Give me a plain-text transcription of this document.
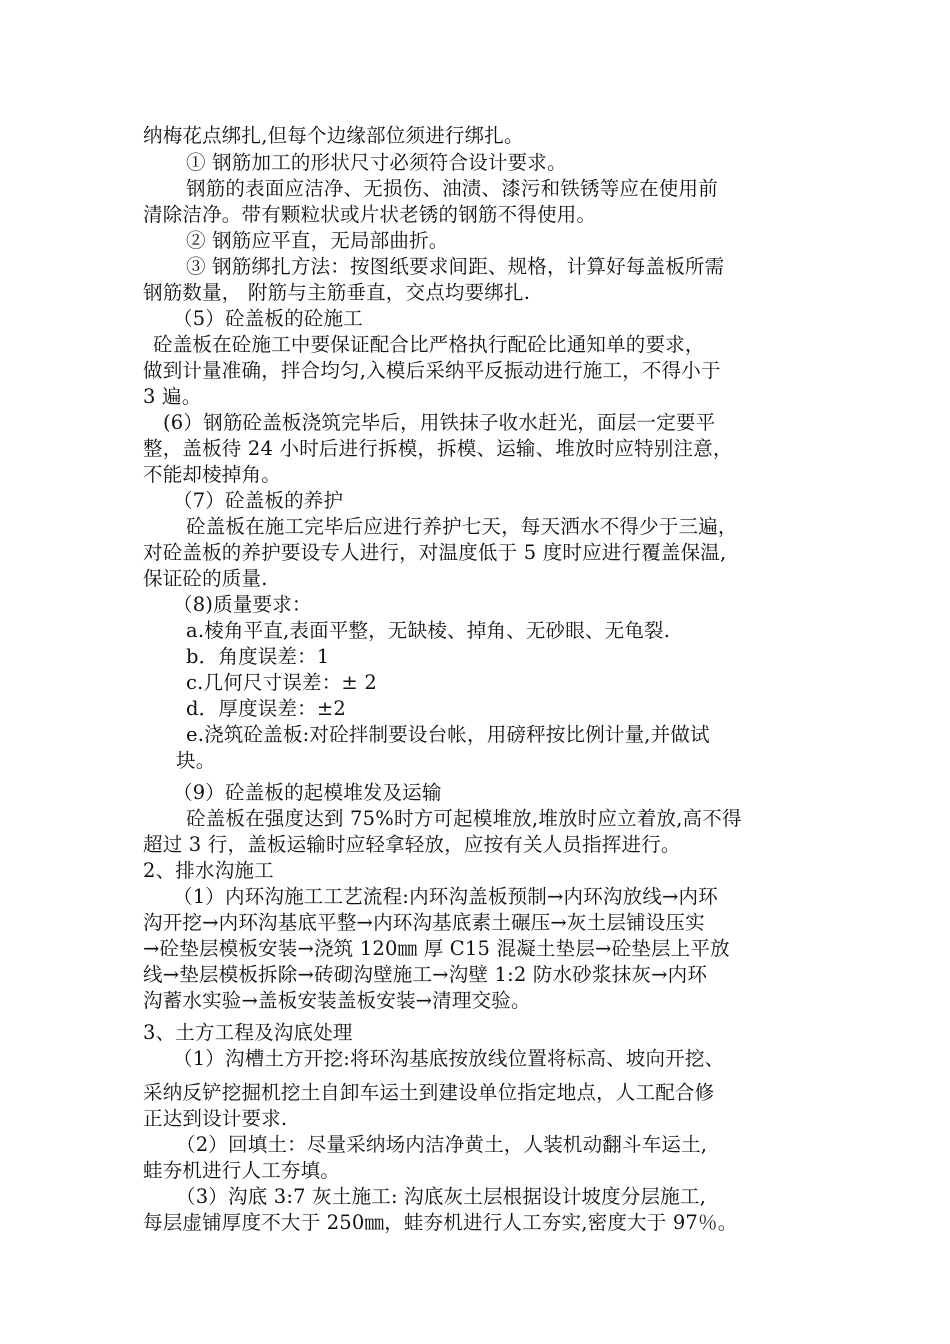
纳梅花点绑扎,但每个边缘部位须进行绑扎。

① 钢筋加工的形状尺寸必须符合设计要求。

钢筋的表面应洁净、无损伤、油渍、漆污和铁锈等应在使用前

清除洁净。带有颗粒状或片状老锈的钢筋不得使用。

② 钢筋应平直，无局部曲折。

③ 钢筋绑扎方法：按图纸要求间距、规格，计算好每盖板所需

钢筋数量， 附筋与主筋垂直，交点均要绑扎.

（5）砼盖板的砼施工

砼盖板在砼施工中要保证配合比严格执行配砼比通知单的要求，

做到计量准确，拌合均匀,入模后采纳平反振动进行施工，不得小于

3 遍。

(6）钢筋砼盖板浇筑完毕后，用铁抹子收水赶光，面层一定要平

整，盖板待 24 小时后进行拆模，拆模、运输、堆放时应特别注意，

不能却棱掉角。

（7）砼盖板的养护

砼盖板在施工完毕后应进行养护七天，每天洒水不得少于三遍，

对砼盖板的养护要设专人进行，对温度低于 5 度时应进行覆盖保温,

保证砼的质量.

（8)质量要求：

a.棱角平直,表面平整，无缺棱、掉角、无砂眼、无龟裂.

b．角度误差：1

c.几何尺寸误差：± 2

d．厚度误差：±2

e.浇筑砼盖板:对砼拌制要设台帐，用磅秤按比例计量,并做试

块。

（9）砼盖板的起模堆发及运输

砼盖板在强度达到 75%时方可起模堆放,堆放时应立着放,高不得

超过 3 行，盖板运输时应轻拿轻放，应按有关人员指挥进行。

2、排水沟施工

（1）内环沟施工工艺流程:内环沟盖板预制→内环沟放线→内环

沟开挖→内环沟基底平整→内环沟基底素土碾压→灰土层铺设压实

→砼垫层模板安装→浇筑 120㎜ 厚 C15 混凝土垫层→砼垫层上平放

线→垫层模板拆除→砖砌沟壁施工→沟壁 1:2 防水砂浆抹灰→内环

沟蓄水实验→盖板安装盖板安装→清理交验。

3、土方工程及沟底处理

（1）沟槽土方开挖:将环沟基底按放线位置将标高、坡向开挖、

采纳反铲挖掘机挖土自卸车运土到建设单位指定地点，人工配合修

正达到设计要求.

（2）回填土：尽量采纳场内洁净黄土，人装机动翻斗车运土,

蛙夯机进行人工夯填。

（3）沟底 3:7 灰土施工: 沟底灰土层根据设计坡度分层施工,

每层虚铺厚度不大于 250㎜，蛙夯机进行人工夯实,密度大于 97％。
